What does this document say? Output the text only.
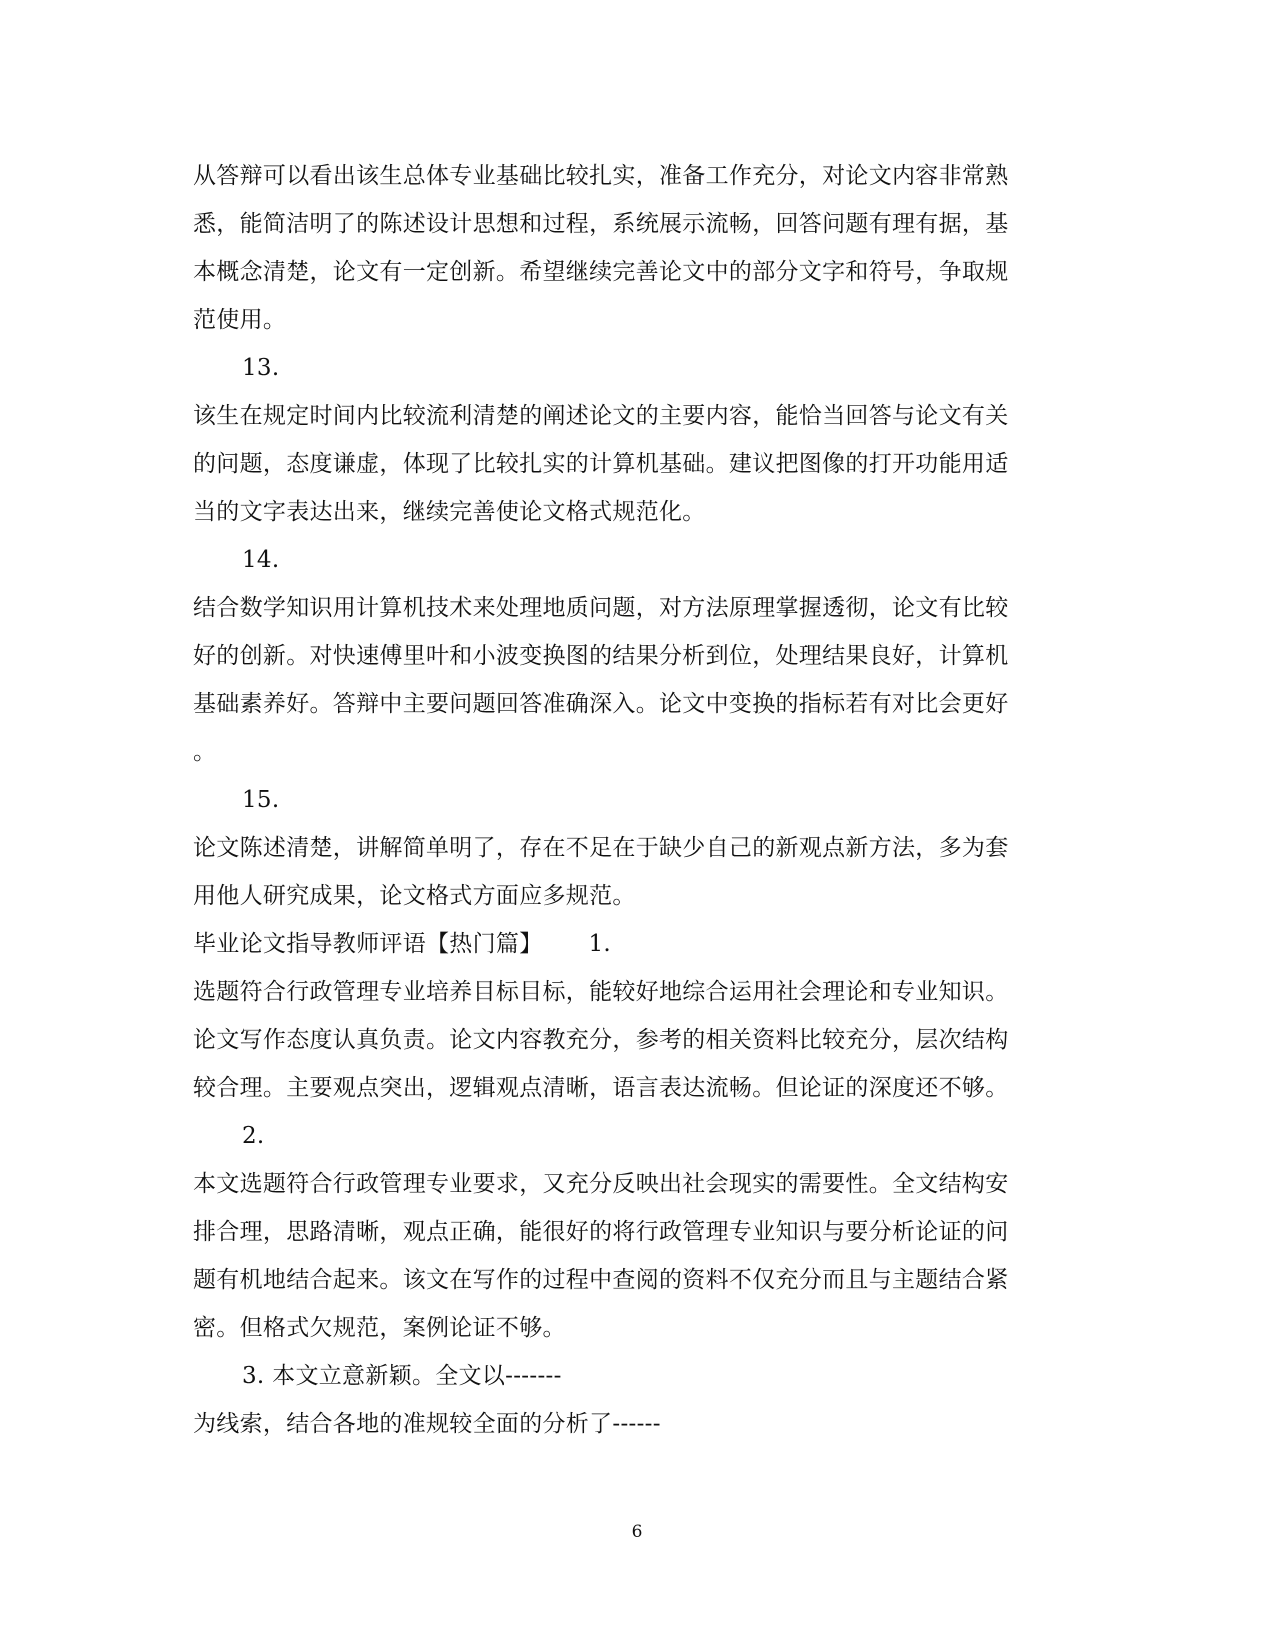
从答辩可以看出该生总体专业基础比较扎实，准备工作充分，对论文内容非常熟
悉，能简洁明了的陈述设计思想和过程，系统展示流畅，回答问题有理有据，基
本概念清楚，论文有一定创新。希望继续完善论文中的部分文字和符号，争取规
范使用。
13.
该生在规定时间内比较流利清楚的阐述论文的主要内容，能恰当回答与论文有关
的问题，态度谦虚，体现了比较扎实的计算机基础。建议把图像的打开功能用适
当的文字表达出来，继续完善使论文格式规范化。
14.
结合数学知识用计算机技术来处理地质问题，对方法原理掌握透彻，论文有比较
好的创新。对快速傅里叶和小波变换图的结果分析到位，处理结果良好，计算机
基础素养好。答辩中主要问题回答准确深入。论文中变换的指标若有对比会更好
。
15.
论文陈述清楚，讲解简单明了，存在不足在于缺少自己的新观点新方法，多为套
用他人研究成果，论文格式方面应多规范。
毕业论文指导教师评语【热门篇】 1.
选题符合行政管理专业培养目标目标，能较好地综合运用社会理论和专业知识。
论文写作态度认真负责。论文内容教充分，参考的相关资料比较充分，层次结构
较合理。主要观点突出，逻辑观点清晰，语言表达流畅。但论证的深度还不够。
2.
本文选题符合行政管理专业要求，又充分反映出社会现实的需要性。全文结构安
排合理，思路清晰，观点正确，能很好的将行政管理专业知识与要分析论证的问
题有机地结合起来。该文在写作的过程中查阅的资料不仅充分而且与主题结合紧
密。但格式欠规范，案例论证不够。
3. 本文立意新颖。全文以-------
为线索，结合各地的准规较全面的分析了------
6
